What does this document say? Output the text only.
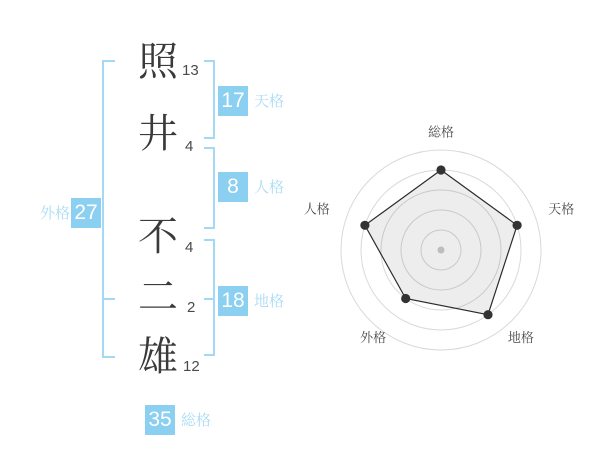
照 13
井 4
不 4
二 2
雄 12
17 天格
8	人格
18 地格
外格 27
35 総格
総格
天格
地格
外格
人格
